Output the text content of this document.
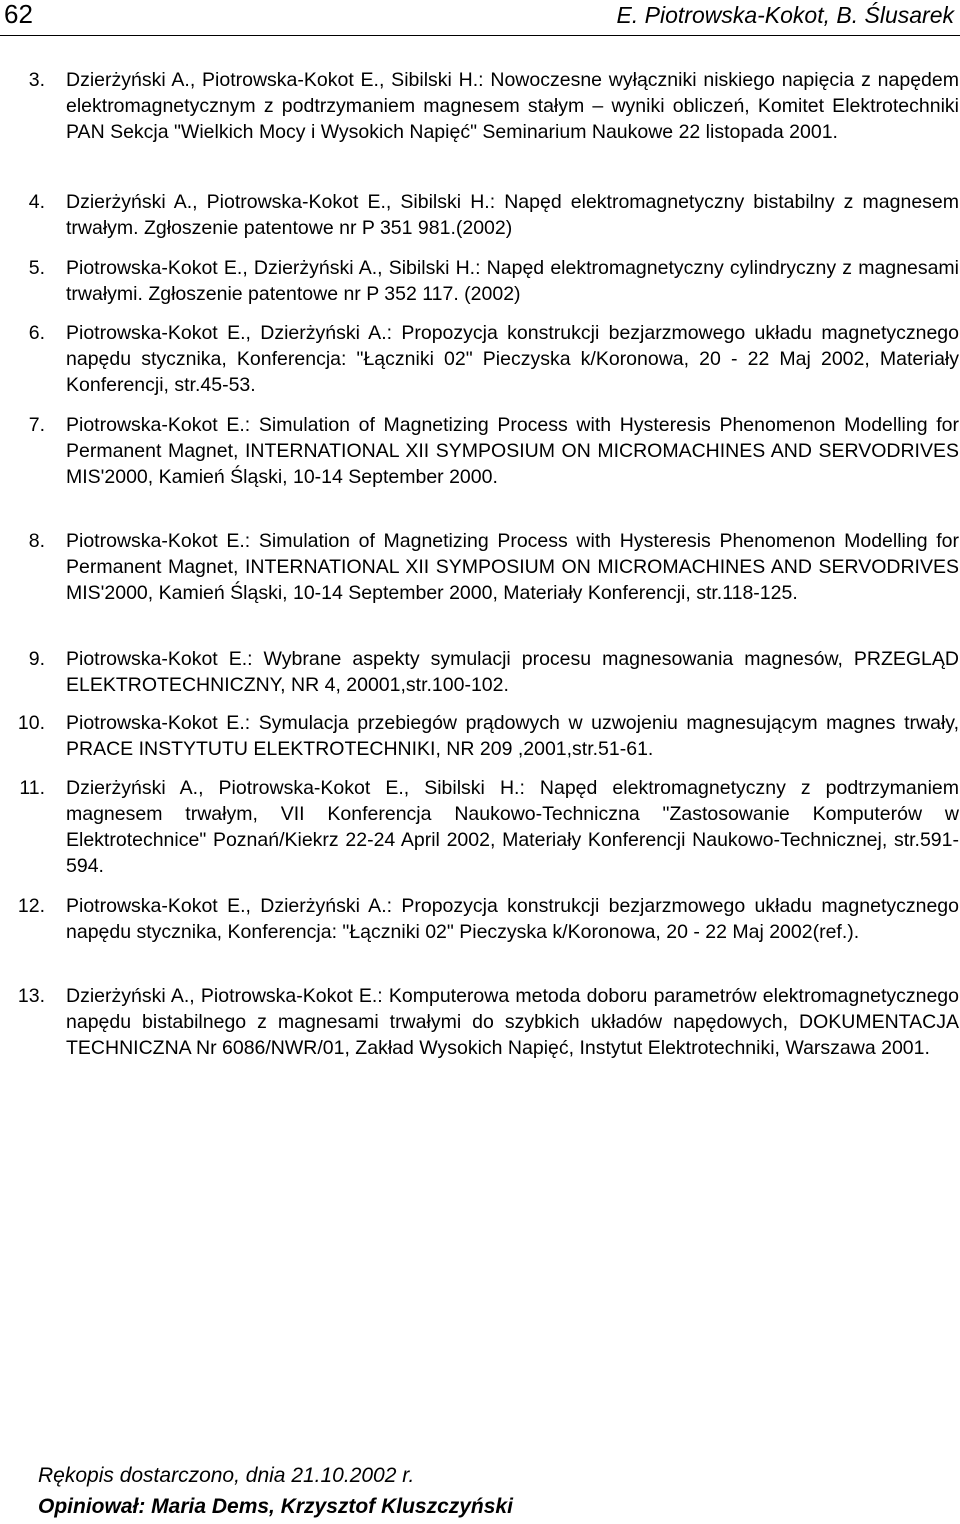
62	E. Piotrowska-Kokot, B. Ślusarek
3. Dzierżyński A., Piotrowska-Kokot E., Sibilski H.: Nowoczesne wyłączniki niskiego napięcia z napędem elektromagnetycznym z podtrzymaniem magnesem stałym – wyniki obliczeń, Komitet Elektrotechniki PAN Sekcja "Wielkich Mocy i Wysokich Napięć" Seminarium Naukowe 22 listopada 2001.
4. Dzierżyński A., Piotrowska-Kokot E., Sibilski H.: Napęd elektromagnetyczny bistabilny z magnesem trwałym. Zgłoszenie patentowe nr P 351 981.(2002)
5. Piotrowska-Kokot E., Dzierżyński A., Sibilski H.: Napęd elektromagnetyczny cylindryczny z magnesami trwałymi. Zgłoszenie patentowe nr P 352 117. (2002)
6. Piotrowska-Kokot E., Dzierżyński A.: Propozycja konstrukcji bezjarzmowego układu magnetycznego napędu stycznika, Konferencja: "Łączniki 02" Pieczyska k/Koronowa, 20 - 22 Maj 2002, Materiały Konferencji, str.45-53.
7. Piotrowska-Kokot E.: Simulation of Magnetizing Process with Hysteresis Phenomenon Modelling for Permanent Magnet, INTERNATIONAL XII SYMPOSIUM ON MICROMACHINES AND SERVODRIVES MIS'2000, Kamień Śląski, 10-14 September 2000.
8. Piotrowska-Kokot E.: Simulation of Magnetizing Process with Hysteresis Phenomenon Modelling for Permanent Magnet, INTERNATIONAL XII SYMPOSIUM ON MICROMACHINES AND SERVODRIVES MIS'2000, Kamień Śląski, 10-14 September 2000, Materiały Konferencji, str.118-125.
9. Piotrowska-Kokot E.: Wybrane aspekty symulacji procesu magnesowania magnesów, PRZEGLĄD ELEKTROTECHNICZNY, NR 4, 20001,str.100-102.
10. Piotrowska-Kokot E.: Symulacja przebiegów prądowych w uzwojeniu magnesującym magnes trwały, PRACE INSTYTUTU ELEKTROTECHNIKI, NR 209 ,2001,str.51-61.
11. Dzierżyński A., Piotrowska-Kokot E., Sibilski H.: Napęd elektromagnetyczny z podtrzymaniem magnesem trwałym, VII Konferencja Naukowo-Techniczna "Zastosowanie Komputerów w Elektrotechnice" Poznań/Kiekrz 22-24 April 2002, Materiały Konferencji Naukowo-Technicznej, str.591-594.
12. Piotrowska-Kokot E., Dzierżyński A.: Propozycja konstrukcji bezjarzmowego układu magnetycznego napędu stycznika, Konferencja: "Łączniki 02" Pieczyska k/Koronowa, 20 - 22 Maj 2002(ref.).
13. Dzierżyński A., Piotrowska-Kokot E.: Komputerowa metoda doboru parametrów elektromagnetycznego napędu bistabilnego z magnesami trwałymi do szybkich układów napędowych, DOKUMENTACJA TECHNICZNA Nr 6086/NWR/01, Zakład Wysokich Napięć, Instytut Elektrotechniki, Warszawa 2001.
Rękopis dostarczono, dnia 21.10.2002 r.
Opiniował: Maria Dems, Krzysztof Kluszczyński
